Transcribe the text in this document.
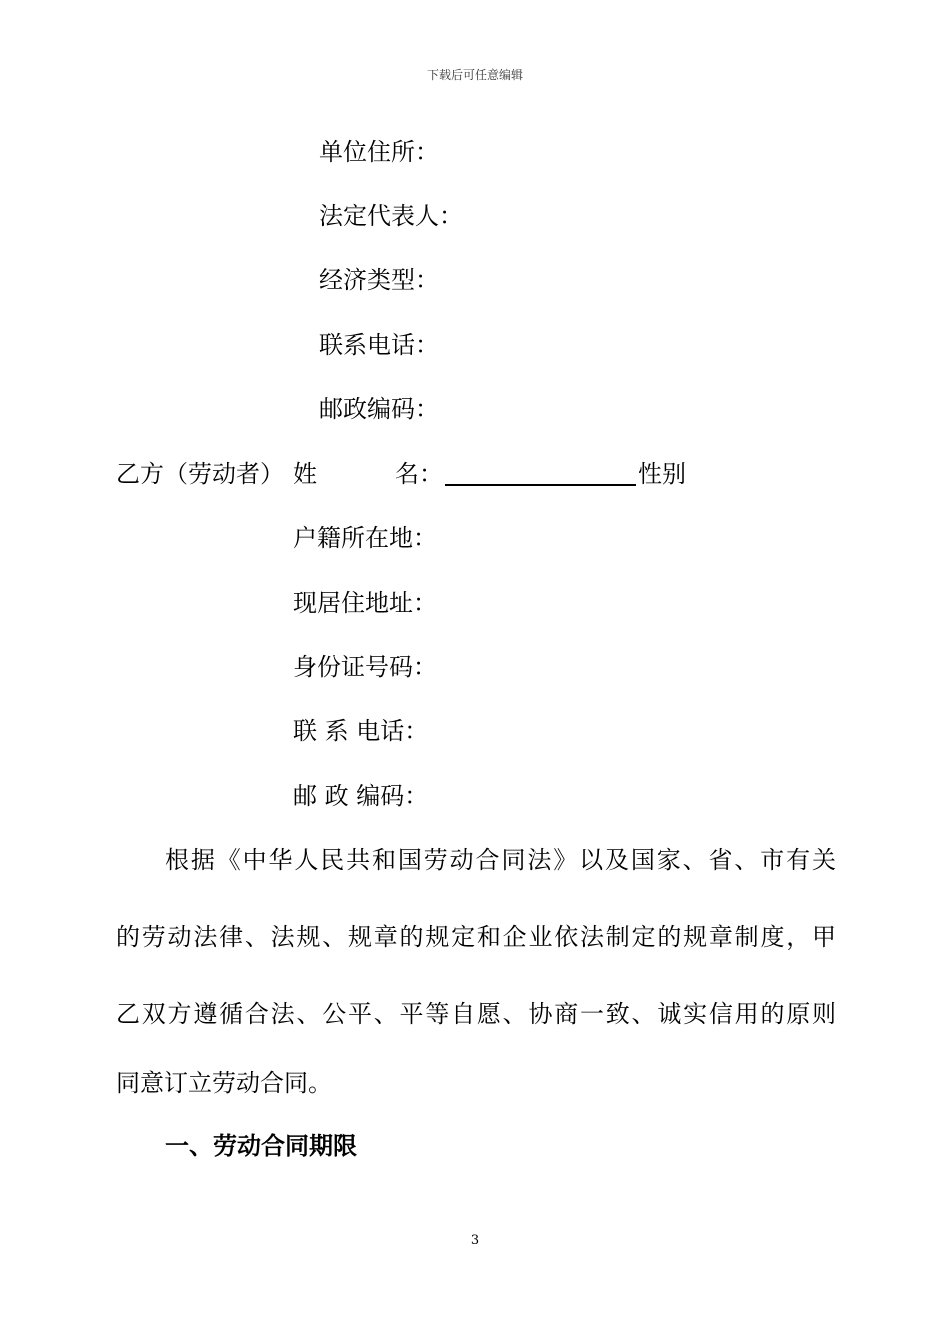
下载后可任意编辑
单位住所：
法定代表人：
经济类型：
联系电话：
邮政编码：
乙方（劳动者） 姓	名：	性别
户籍所在地：
现居住地址：
身份证号码：
联 系 电话：
邮 政 编码：
根据《中华人民共和国劳动合同法》以及国家、省、市有关
的劳动法律、法规、规章的规定和企业依法制定的规章制度，甲
乙双方遵循合法、公平、平等自愿、协商一致、诚实信用的原则
同意订立劳动合同。
一、劳动合同期限
3
